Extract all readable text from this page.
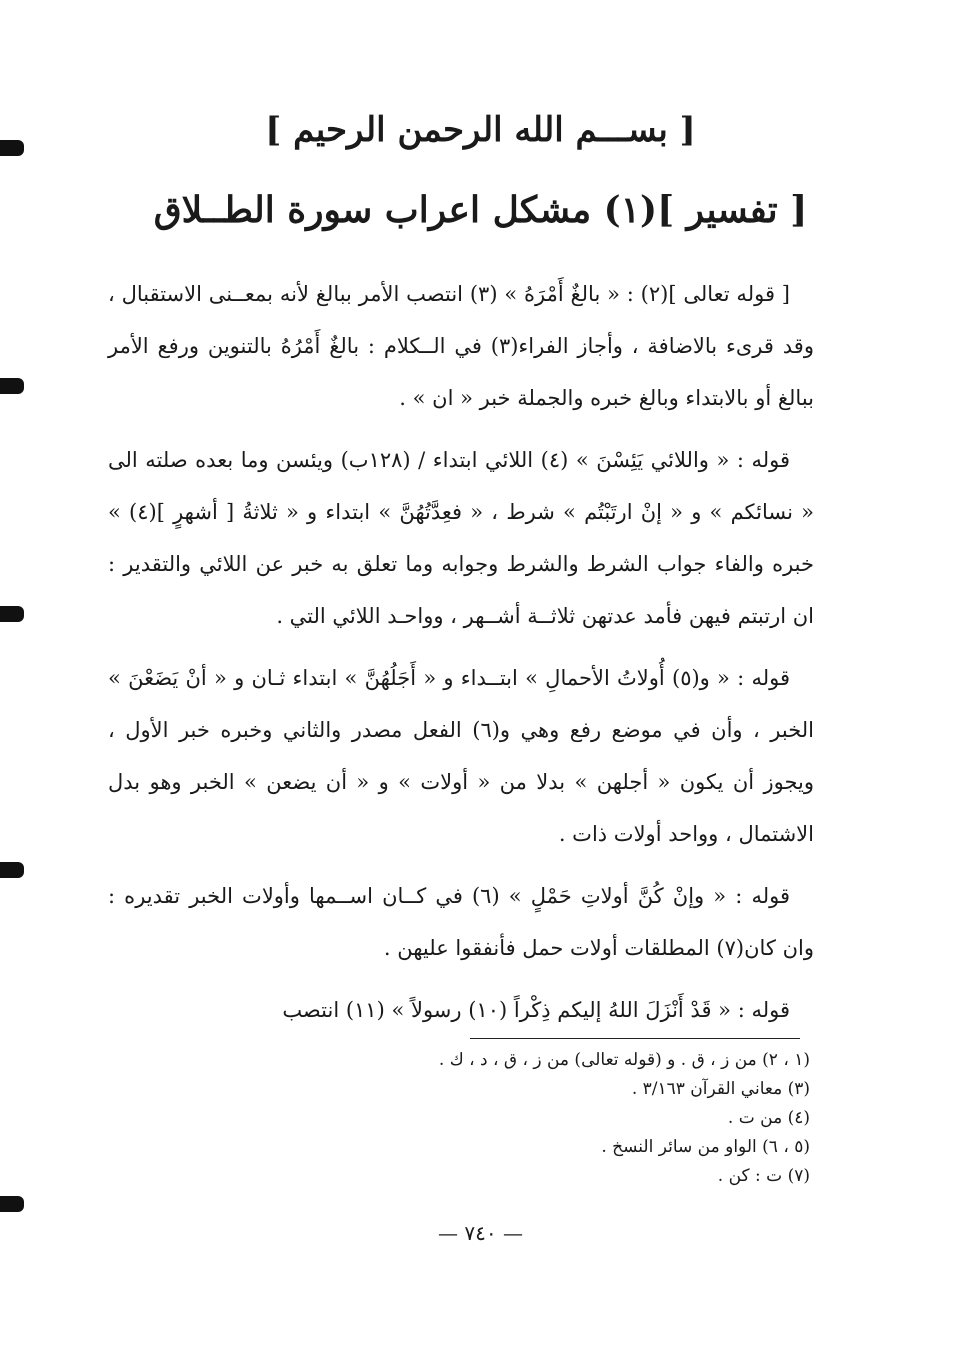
[ بســـم الله الرحمن الرحيم ]
[ تفسير ](١) مشكل اعراب سورة الطــلاق

[ قوله تعالى ](٢) : « بالغٌ أَمْرَهُ » (٣) انتصب الأمر ببالغ لأنه بمعــنى الاستقبال ، وقد قرىء بالاضافة ، وأجاز الفراء(٣) في الــكلام : بالغٌ أَمْرُهُ بالتنوين ورفع الأمر ببالغ أو بالابتداء وبالغ خبره والجملة خبر « ان » .

قوله : « واللائي يَئِسْنَ » (٤) اللائي ابتداء / (١٢٨ب) ويئسن وما بعده صلته الى « نسائكم » و « إنْ ارتَبْتُم » شرط ، « فعِدَّتُهُنَّ » ابتداء و « ثلاثةُ [ أشهرٍ ](٤) » خبره والفاء جواب الشرط والشرط وجوابه وما تعلق به خبر عن اللائي والتقدير : ان ارتبتم فيهن فأمد عدتهن ثلاثــة أشــهر ، وواحـد اللائي التي .

قوله : « و(٥) أُولاتُ الأحمالِ » ابتــداء و « أَجَلُهُنَّ » ابتداء ثـان و « أنْ يَضَعْنَ » الخبر ، وأن في موضع رفع وهي و(٦) الفعل مصدر والثاني وخبره خبر الأول ، ويجوز أن يكون « أجلهن » بدلا من « أولات » و « أن يضعن » الخبر وهو بدل الاشتمال ، وواحد أولات ذات .

قوله : « وإنْ كُنَّ أولاتِ حَمْلٍ » (٦) في كــان اســمها وأولات الخبر تقديره : وان كان(٧) المطلقات أولات حمل فأنفقوا عليهن .

قوله : « قَدْ أَنْزَلَ اللهُ إليكم ذِكْراً (١٠) رسولاً » (١١) انتصب

(١ ، ٢) من ز ، ق . و (قوله تعالى) من ز ، ق ، د ، ك .
(٣) معاني القرآن ٣/١٦٣ .
(٤) من ت .
(٥ ، ٦) الواو من سائر النسخ .
(٧) ت : كن .
— ٧٤٠ —
